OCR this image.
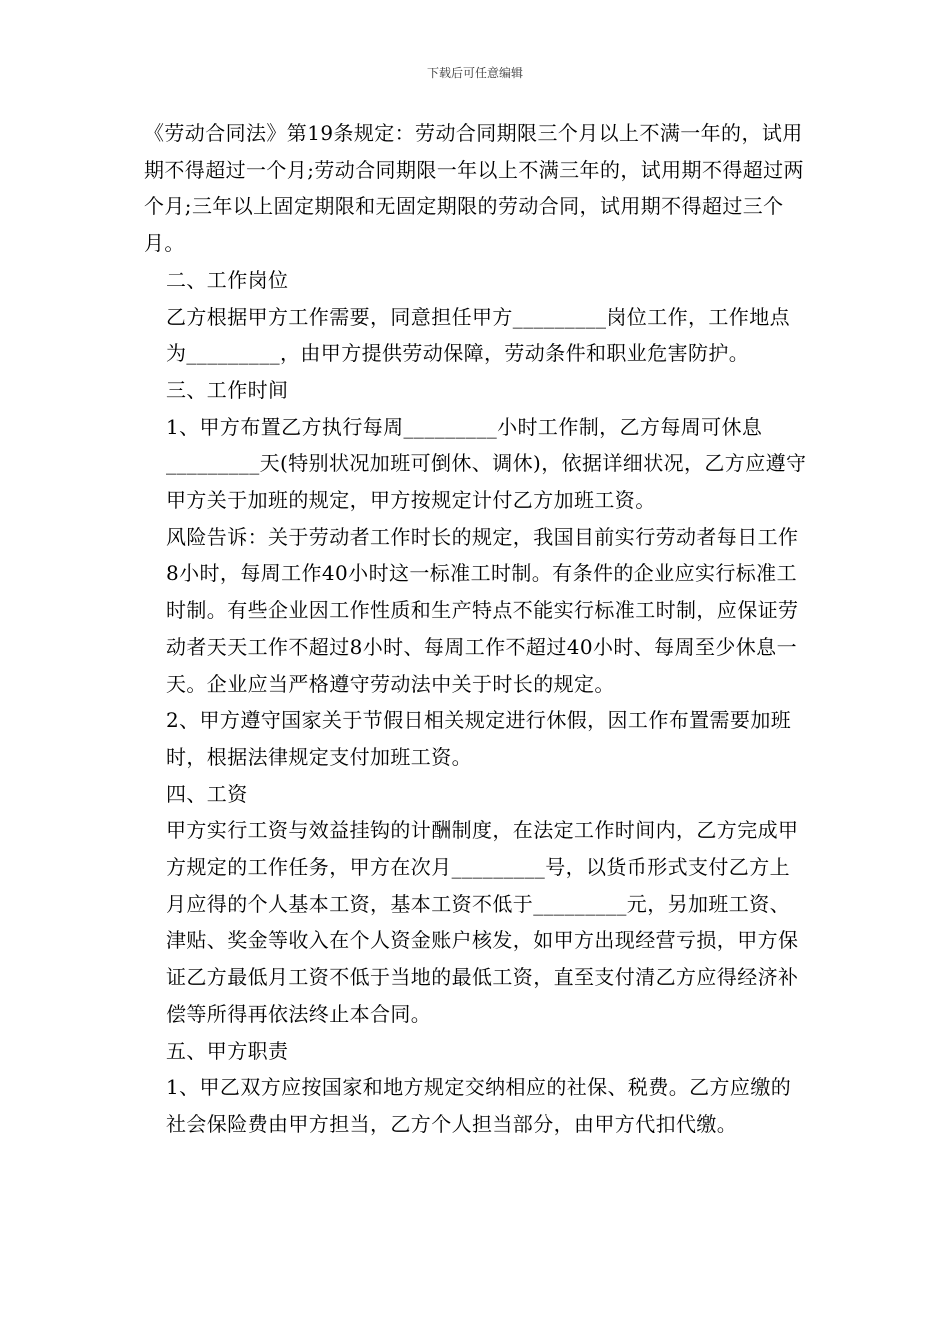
下载后可任意编辑

《劳动合同法》第19条规定：劳动合同期限三个月以上不满一年的，试用期不得超过一个月;劳动合同期限一年以上不满三年的，试用期不得超过两个月;三年以上固定期限和无固定期限的劳动合同，试用期不得超过三个月。

二、工作岗位

乙方根据甲方工作需要，同意担任甲方_________岗位工作，工作地点为_________，由甲方提供劳动保障，劳动条件和职业危害防护。

三、工作时间

1、甲方布置乙方执行每周_________小时工作制，乙方每周可休息_________天(特别状况加班可倒休、调休)，依据详细状况，乙方应遵守甲方关于加班的规定，甲方按规定计付乙方加班工资。

风险告诉：关于劳动者工作时长的规定，我国目前实行劳动者每日工作8小时，每周工作40小时这一标准工时制。有条件的企业应实行标准工时制。有些企业因工作性质和生产特点不能实行标准工时制，应保证劳动者天天工作不超过8小时、每周工作不超过40小时、每周至少休息一天。企业应当严格遵守劳动法中关于时长的规定。

2、甲方遵守国家关于节假日相关规定进行休假，因工作布置需要加班时，根据法律规定支付加班工资。

四、工资

甲方实行工资与效益挂钩的计酬制度，在法定工作时间内，乙方完成甲方规定的工作任务，甲方在次月_________号，以货币形式支付乙方上月应得的个人基本工资，基本工资不低于_________元，另加班工资、津贴、奖金等收入在个人资金账户核发，如甲方出现经营亏损，甲方保证乙方最低月工资不低于当地的最低工资，直至支付清乙方应得经济补偿等所得再依法终止本合同。

五、甲方职责

1、甲乙双方应按国家和地方规定交纳相应的社保、税费。乙方应缴的社会保险费由甲方担当，乙方个人担当部分，由甲方代扣代缴。
